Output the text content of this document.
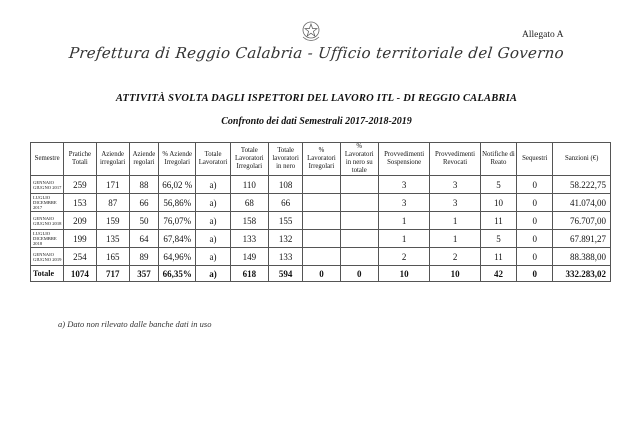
Allegato A
Prefettura di Reggio Calabria - Ufficio territoriale del Governo
ATTIVITÀ SVOLTA DAGLI ISPETTORI DEL LAVORO ITL - DI REGGIO CALABRIA
Confronto dei dati Semestrali 2017-2018-2019
Semestre	Pratiche Totali	Aziende irregolari	Aziende regolari	% Aziende Irregolari	Totale Lavoratori	Totale Lavoratori Irregolari	Totale lavoratori in nero	% Lavoratori Irregolari	% Lavoratori in nero su totale	Provvedimenti Sospensione	Provvedimenti Revocati	Notifiche di Reato	Sequestri	Sanzioni (€)
GENNAIO GIUGNO 2017	259	171	88	66,02 %	a)	110	108			3	3	5	0	58.222,75
LUGLIO DICEMBRE 2017	153	87	66	56,86%	a)	68	66			3	3	10	0	41.074,00
GENNAIO GIUGNO 2018	209	159	50	76,07%	a)	158	155			1	1	11	0	76.707,00
LUGLIO DICEMBRE 2018	199	135	64	67,84%	a)	133	132			1	1	5	0	67.891,27
GENNAIO GIUGNO 2019	254	165	89	64,96%	a)	149	133			2	2	11	0	88.388,00
Totale	1074	717	357	66,35%	a)	618	594	0	0	10	10	42	0	332.283,02
a) Dato non rilevato dalle banche dati in uso
